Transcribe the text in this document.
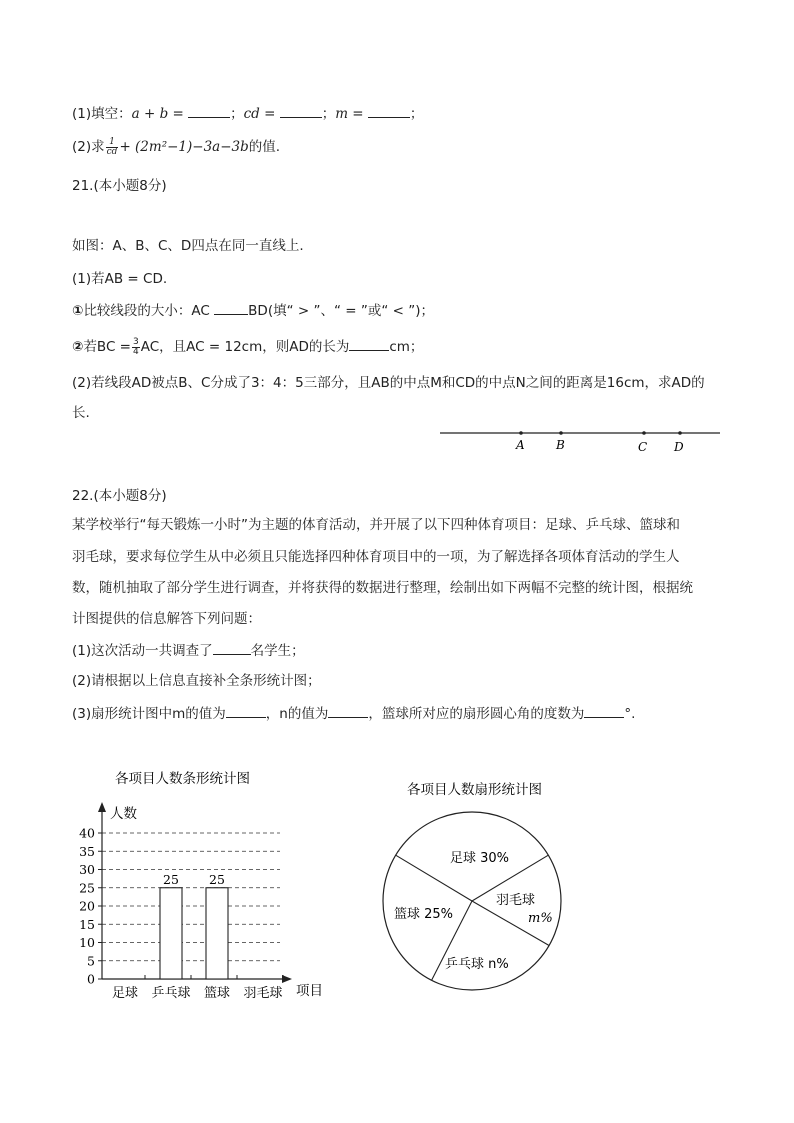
(1)填空：a + b =	；cd =	；m =	；
(2)求 $\frac{1}{cd} + (2m^2-1)-3a-3b$的值.
21.(本小题8分)
如图：A、B、C、D四点在同一直线上.
(1)若AB = CD.
①比较线段的大小：AC	BD(填“ > ”、“ = ”或“ < ”)；
②若BC = $\frac{3}{4}$ AC，且AC = 12cm，则AD的长为	cm；
(2)若线段AD被点B、C分成了3：4：5三部分，且AB的中点M和CD的中点N之间的距离是16cm，求AD的
长.
A	B	C D
22.(本小题8分)
某学校举行“每天锻炼一小时”为主题的体育活动，并开展了以下四种体育项目：足球、乒乓球、篮球和
羽毛球，要求每位学生从中必须且只能选择四种体育项目中的一项，为了解选择各项体育活动的学生人
数，随机抽取了部分学生进行调查，并将获得的数据进行整理，绘制出如下两幅不完整的统计图，根据统
计图提供的信息解答下列问题：
(1)这次活动一共调查了	名学生；
(2)请根据以上信息直接补全条形统计图；
(3)扇形统计图中m的值为	，n的值为	，篮球所对应的扇形圆心角的度数为	°.
各项目人数条形统计图
人数
项目
0
5
10
15
20
25
30
35
40
足球 乒乓球 篮球 羽毛球
25 25
各项目人数扇形统计图
足球 30%
羽毛球
乒乓球 n%
篮球 25%	m%
